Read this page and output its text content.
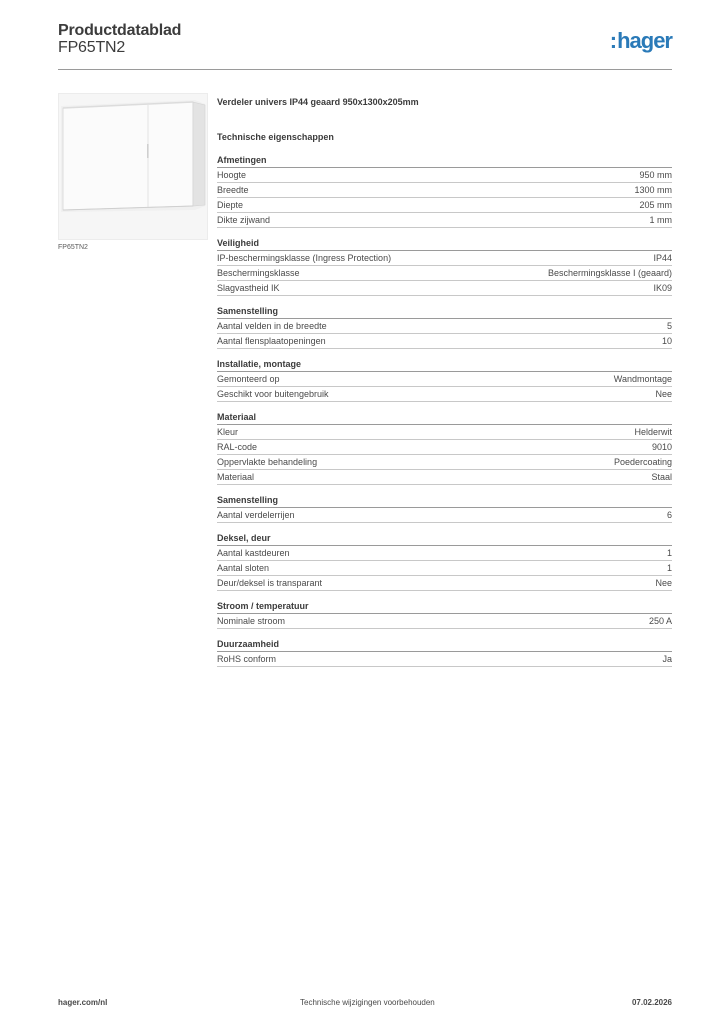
Productdatablad
FP65TN2	:hager
FP65TN2
Verdeler univers IP44 geaard 950x1300x205mm
Technische eigenschappen
Afmetingen
Hoogte	950 mm
Breedte	1300 mm
Diepte	205 mm
Dikte zijwand	1 mm
Veiligheid
IP-beschermingsklasse (Ingress Protection)	IP44
Beschermingsklasse	Beschermingsklasse I (geaard)
Slagvastheid IK	IK09
Samenstelling
Aantal velden in de breedte	5
Aantal flensplaatopeningen	10
Installatie, montage
Gemonteerd op	Wandmontage
Geschikt voor buitengebruik	Nee
Materiaal
Kleur	Helderwit
RAL-code	9010
Oppervlakte behandeling	Poedercoating
Materiaal	Staal
Samenstelling
Aantal verdelerrijen	6
Deksel, deur
Aantal kastdeuren	1
Aantal sloten	1
Deur/deksel is transparant	Nee
Stroom / temperatuur
Nominale stroom	250 A
Duurzaamheid
RoHS conform	Ja
hager.com/nl	Technische wijzigingen voorbehouden	07.02.2026
